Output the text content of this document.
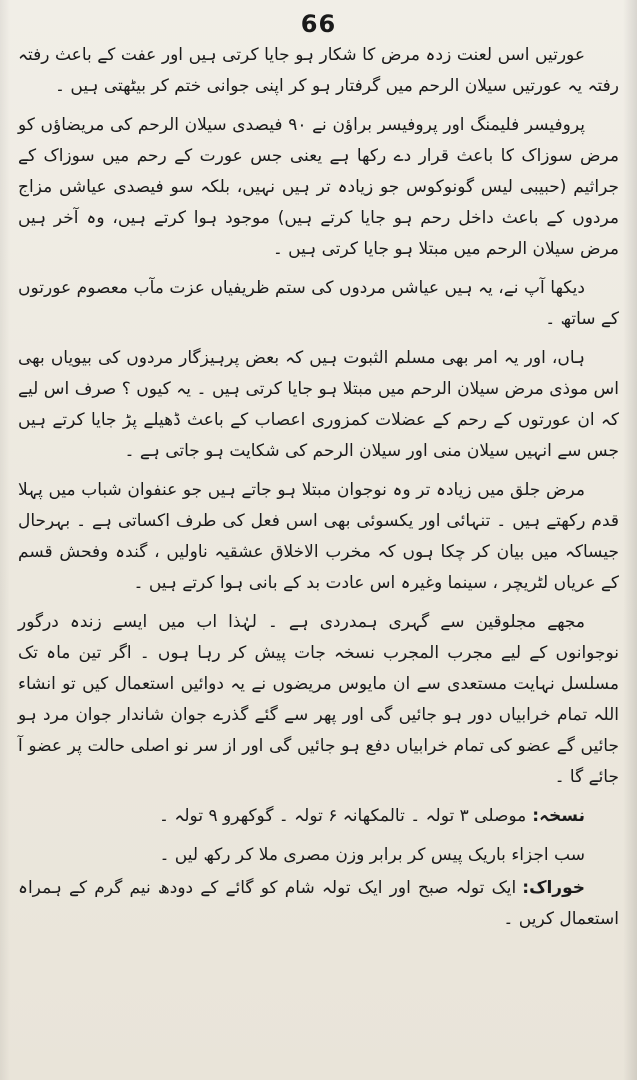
66

عورتیں اسں لعنت زدہ مرض کا شکار ہو جایا کرتی ہیں اور عفت کے باعث رفتہ رفتہ یہ عورتیں سیلان الرحم میں گرفتار ہو کر اپنی جوانی ختم کر بیٹھتی ہیں ۔

پروفیسر فلیمنگ اور پروفیسر براؤن نے ۹۰ فیصدی سیلان الرحم کی مریضاؤں کو مرض سوزاک کا باعث قرار دے رکھا ہے یعنی جس عورت کے رحم میں سوزاک کے جراثیم (حبیبی لیس گونوکوس جو زیادہ تر ہیں نہیں، بلکہ سو فیصدی عیاشں مزاج مردوں کے باعث داخل رحم ہو جایا کرتے ہیں) موجود ہوا کرتے ہیں، وہ آخر ہیں مرض سیلان الرحم میں مبتلا ہو جایا کرتی ہیں ۔

دیکھا آپ نے، یہ ہیں عیاشں مردوں کی ستم ظریفیاں عزت مآب معصوم عورتوں کے ساتھ ۔

ہاں، اور یہ امر بھی مسلم الثبوت ہیں کہ بعض پرہیزگار مردوں کی بیویاں بھی اس موذی مرض سیلان الرحم میں مبتلا ہو جایا کرتی ہیں ۔ یہ کیوں ؟ صرف اس لیے کہ ان عورتوں کے رحم کے عضلات کمزوری اعصاب کے باعث ڈھیلے پڑ جایا کرتے ہیں جس سے انہیں سیلان منی اور سیلان الرحم کی شکایت ہو جاتی ہے ۔

مرض جلق میں زیادہ تر وہ نوجوان مبتلا ہو جاتے ہیں جو عنفوان شباب میں پہلا قدم رکھتے ہیں ۔ تنہائی اور یکسوئی بھی اسں فعل کی طرف اکساتی ہے ۔ بہرحال جیساکہ میں بیان کر چکا ہوں کہ مخرب الاخلاق عشقیہ ناولیں ، گندہ وفحش قسم کے عریاں لٹریچر ، سینما وغیرہ اس عادت بد کے بانی ہوا کرتے ہیں ۔

مجھے مجلوقین سے گہری ہمدردی ہے ۔ لہٰذا اب میں ایسے زندہ درگور نوجوانوں کے لیے مجرب المجرب نسخہ جات پیش کر رہا ہوں ۔ اگر تین ماہ تک مسلسل نہایت مستعدی سے ان مایوس مریضوں نے یہ دوائیں استعمال کیں تو انشاء اللہ تمام خرابیاں دور ہو جائیں گی اور پھر سے گئے گذرے جوان شاندار جوان مرد ہو جائیں گے عضو کی تمام خرابیاں دفع ہو جائیں گی اور از سر نو اصلی حالت پر عضو آ جائے گا ۔

نسخہ:موصلی ۳ تولہ ۔ تالمکھانہ ۶ تولہ ۔ گوکھرو ۹ تولہ ۔

سب اجزاء باریک پیس کر برابر وزن مصری ملا کر رکھ لیں ۔

خوراک:ایک تولہ صبح اور ایک تولہ شام کو گائے کے دودھ نیم گرم کے ہمراہ استعمال کریں ۔
